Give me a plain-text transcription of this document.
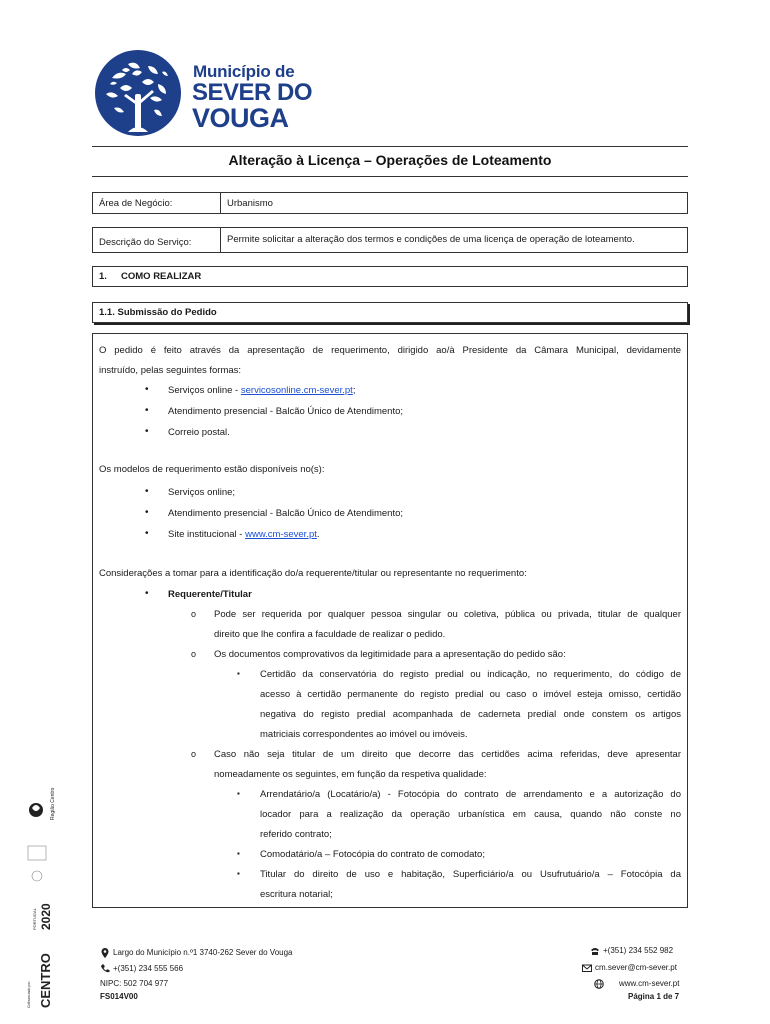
Município de
SEVER DO
VOUGA
Alteração à Licença – Operações de Loteamento
Área de Negócio:	Urbanismo
Descrição do Serviço:	Permite solicitar a alteração dos termos e condições de uma licença de operação de loteamento.
1.	COMO REALIZAR
1.1. Submissão do Pedido
O pedido é feito através da apresentação de requerimento, dirigido ao/à Presidente da Câmara Municipal, devidamente
instruído, pelas seguintes formas:
• Serviços online - servicosonline.cm-sever.pt;
• Atendimento presencial - Balcão Único de Atendimento;
• Correio postal.
Os modelos de requerimento estão disponíveis no(s):
• Serviços online;
• Atendimento presencial - Balcão Único de Atendimento;
• Site institucional - www.cm-sever.pt.
Considerações a tomar para a identificação do/a requerente/titular ou representante no requerimento:
• Requerente/Titular
o Pode ser requerida por qualquer pessoa singular ou coletiva, pública ou privada, titular de qualquer
direito que lhe confira a faculdade de realizar o pedido.
o Os documentos comprovativos da legitimidade para a apresentação do pedido são:
▪ Certidão da conservatória do registo predial ou indicação, no requerimento, do código de
acesso à certidão permanente do registo predial ou caso o imóvel esteja omisso, certidão
negativa do registo predial acompanhada de caderneta predial onde constem os artigos
matriciais correspondentes ao imóvel ou imóveis.
o Caso não seja titular de um direito que decorre das certidões acima referidas, deve apresentar
nomeadamente os seguintes, em função da respetiva qualidade:
▪ Arrendatário/a (Locatário/a) - Fotocópia do contrato de arrendamento e a autorização do
locador para a realização da operação urbanística em causa, quando não conste no
referido contrato;
▪ Comodatário/a – Fotocópia do contrato de comodato;
▪ Titular do direito de uso e habitação, Superficiário/a ou Usufrutuário/a – Fotocópia da
escritura notarial;
Região Centro
2020
PORTUGAL
CENTRO
Cofinanciado por:
Largo do Município n.º1 3740-262 Sever do Vouga
+(351) 234 555 566
NIPC: 502 704 977
FS014V00
+(351) 234 552 982
cm.sever@cm-sever.pt
www.cm-sever.pt
Página 1 de 7
